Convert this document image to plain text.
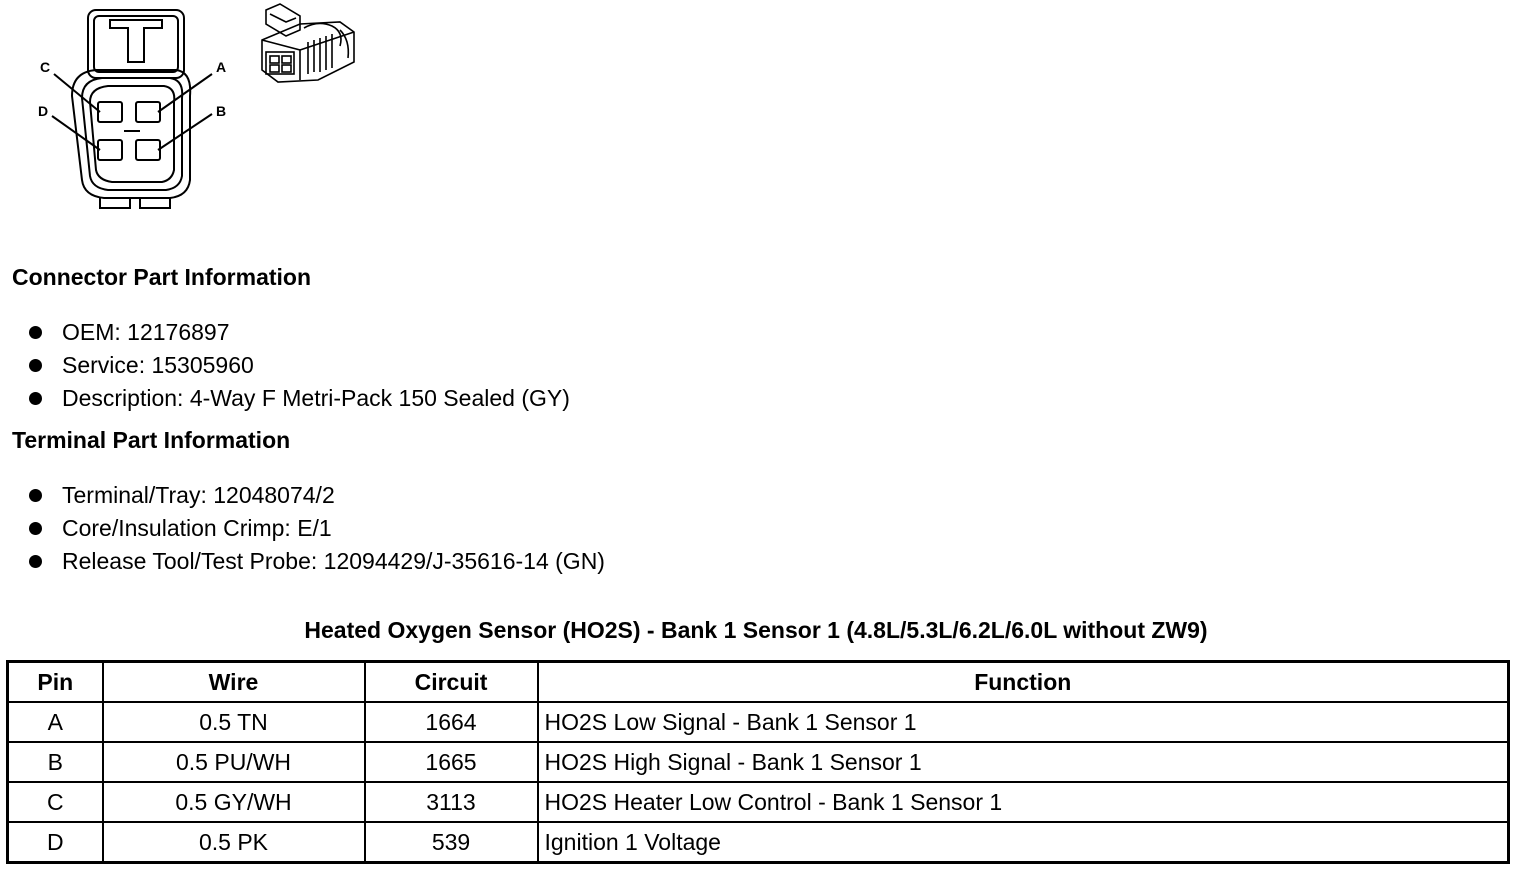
C	A
D	B
Connector Part Information
OEM: 12176897
Service: 15305960
Description: 4-Way F Metri-Pack 150 Sealed (GY)
Terminal Part Information
Terminal/Tray: 12048074/2
Core/Insulation Crimp: E/1
Release Tool/Test Probe: 12094429/J-35616-14 (GN)
Heated Oxygen Sensor (HO2S) - Bank 1 Sensor 1 (4.8L/5.3L/6.2L/6.0L without ZW9)
Pin	Wire	Circuit	Function
A	0.5 TN	1664	HO2S Low Signal - Bank 1 Sensor 1
B	0.5 PU/WH	1665	HO2S High Signal - Bank 1 Sensor 1
C	0.5 GY/WH	3113	HO2S Heater Low Control - Bank 1 Sensor 1
D	0.5 PK	539	Ignition 1 Voltage
